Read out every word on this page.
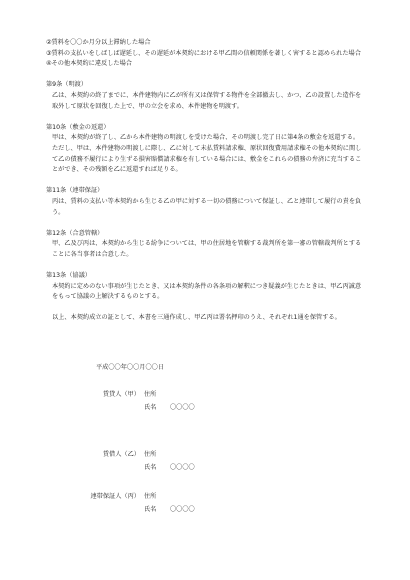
②賃料を〇〇か月分以上滞納した場合

③賃料の支払いをしばしば遅延し、その遅延が本契約における甲乙間の信頼関係を著しく害すると認められた場合

④その他本契約に違反した場合

第9条（明渡）

乙は、本契約の終了までに、本件建物内に乙が所有又は保管する物件を全部撤去し、かつ、乙の設置した造作を取外して原状を回復した上で、甲の立会を求め、本件建物を明渡す。

第10条（敷金の返還）

甲は、本契約が終了し、乙から本件建物の明渡しを受けた場合、その明渡し完了日に第4条の敷金を返還する。ただし、甲は、本件建物の明渡しに際し、乙に対して未払賃料請求権、原状回復費用請求権その他本契約に関して乙の債務不履行により生ずる損害賠償請求権を有している場合には、敷金をこれらの債務の弁済に充当することができ、その残額を乙に返還すれば足りる。

第11条（連帯保証）

丙は、賃料の支払い等本契約から生じる乙の甲に対する一切の債務について保証し、乙と連帯して履行の責を負う。

第12条（合意管轄）

甲、乙及び丙は、本契約から生じる紛争については、甲の住居地を管轄する裁判所を第一審の管轄裁判所とすることに各当事者は合意した。

第13条（協議）

本契約に定めのない事項が生じたとき、又は本契約条件の各条項の解釈につき疑義が生じたときは、甲乙丙誠意をもって協議の上解決するものとする。

以上、本契約成立の証として、本書を三通作成し、甲乙丙は署名押印のうえ、それぞれ1通を保管する。

平成〇〇年〇〇月〇〇日
賃貸人（甲） 住所
氏名 〇〇〇〇
賃借人（乙） 住所
氏名 〇〇〇〇
連帯保証人（丙） 住所
氏名 〇〇〇〇
